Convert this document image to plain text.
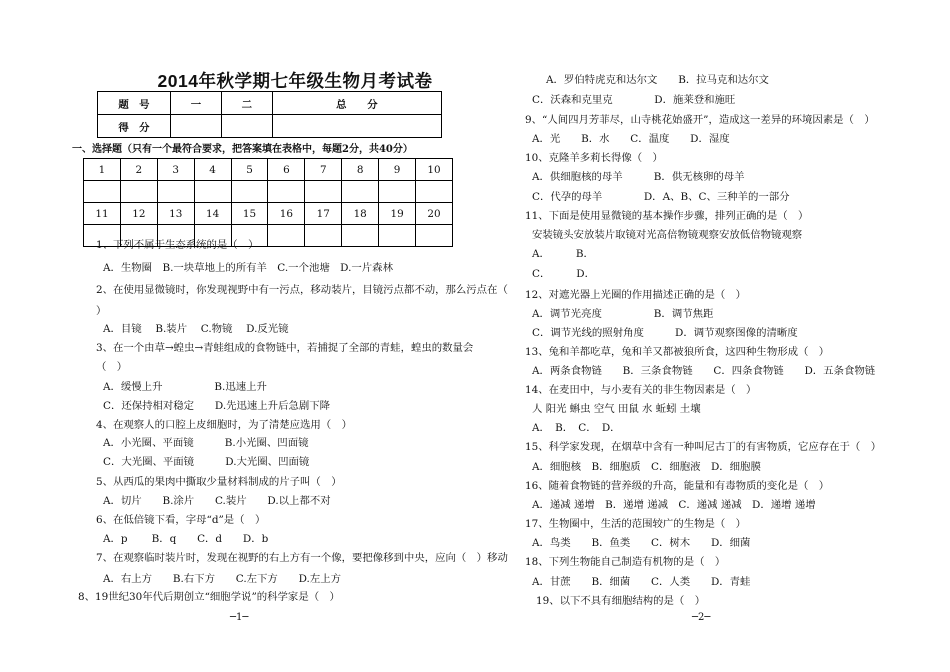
2014年秋学期七年级生物月考试卷
题　号	一	二	总　　分
得　分			
一、选择题（只有一个最符合要求，把答案填在表格中，每题2分，共40分）
1	2	3	4	5	6	7	8	9	10

11	12	13	14	15	16	17	18	19	20

1、下列不属于生态系统的是（　）
A．生物圈　B.一块草地上的所有羊　C.一个池塘　D.一片森林
2、在使用显微镜时，你发现视野中有一污点，移动装片，目镜污点都不动，那么污点在（
）
A．目镜　 B.装片　 C.物镜　 D.反光镜
3、在一个由草→蝗虫→青蛙组成的食物链中，若捕捉了全部的青蛙，蝗虫的数量会
（　）
A．缓慢上升　　　　　B.迅速上升
C．还保持相对稳定　　D.先迅速上升后急剧下降
4、在观察人的口腔上皮细胞时，为了清楚应选用（　）
A．小光圈、平面镜　　　B.小光圈、凹面镜
C．大光圈、平面镜　　　D.大光圈、凹面镜
5、从西瓜的果肉中撕取少量材料制成的片子叫（　）
A．切片　　B.涂片　　C.装片　　D.以上都不对
6、在低倍镜下看，字母“d”是（　）
A．p　　 B．q　　C．d　　D．b
7、在观察临时装片时，发现在视野的右上方有一个像，要把像移到中央，应向（　）移动
A．右上方　　B.右下方　　C.左下方　　D.左上方
8、19世纪30年代后期创立“细胞学说”的科学家是（　）
A．罗伯特虎克和达尔文　　B．拉马克和达尔文
C．沃森和克里克　　　　D．施莱登和施旺
9、“人间四月芳菲尽，山寺桃花始盛开”，造成这一差异的环境因素是（　）
A．光　　B．水　　C．温度　　D．湿度
10、克隆羊多莉长得像（　）
A．供细胞核的母羊　　　B．供无核卵的母羊
C．代孕的母羊　　　　D．A、B、C、三种羊的一部分
11、下面是使用显微镜的基本操作步骤，排列正确的是（　）
安装镜头安放装片取镜对光高倍物镜观察安放低倍物镜观察
A．　　　B．
C．　　　D．
12、对遮光器上光圈的作用描述正确的是（　）
A．调节光亮度　　　　　B．调节焦距
C．调节光线的照射角度　　　D．调节观察图像的清晰度
13、兔和羊都吃草，兔和羊又都被狼所食，这四种生物形成（　）
A．两条食物链　　B．三条食物链　　C．四条食物链　　D．五条食物链
14、在麦田中，与小麦有关的非生物因素是（　）
人 阳光 蝌虫 空气 田鼠 水 蚯蚓 土壤
A．　B．　C．　D．
15、科学家发现，在烟草中含有一种叫尼古丁的有害物质，它应存在于（　）
A．细胞核　B．细胞质　C．细胞液　D．细胞膜
16、随着食物链的营养级的升高，能量和有毒物质的变化是（　）
A．递减 递增　B．递增 递减　C．递减 递减　D．递增 递增
17、生物圈中，生活的范围较广的生物是（　）
A．鸟类　　B．鱼类　　C．树木　　D．细菌
18、下列生物能自己制造有机物的是（　）
A．甘蔗　　B．细菌　　C．人类　　D．青蛙
19、以下不具有细胞结构的是（　）
─1─	─2─
